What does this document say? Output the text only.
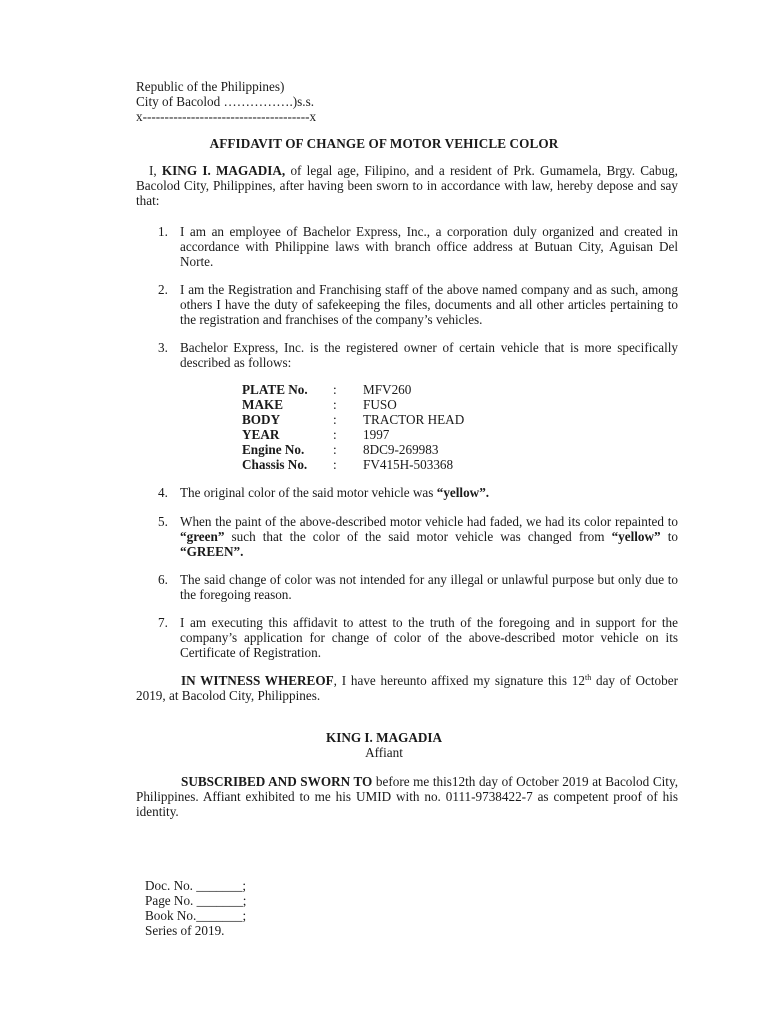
Republic of the Philippines)
City of Bacolod …………….)s.s.
x--------------------------------------x
AFFIDAVIT OF CHANGE OF MOTOR VEHICLE COLOR
I, KING I. MAGADIA, of legal age, Filipino, and a resident of Prk. Gumamela, Brgy. Cabug, Bacolod City, Philippines, after having been sworn to in accordance with law, hereby depose and say that:
1. I am an employee of Bachelor Express, Inc., a corporation duly organized and created in accordance with Philippine laws with branch office address at Butuan City, Aguisan Del Norte.
2. I am the Registration and Franchising staff of the above named company and as such, among others I have the duty of safekeeping the files, documents and all other articles pertaining to the registration and franchises of the company’s vehicles.
3. Bachelor Express, Inc. is the registered owner of certain vehicle that is more specifically described as follows:
PLATE No. : MFV260
MAKE	: FUSO
BODY	: TRACTOR HEAD
YEAR	: 1997
Engine No. : 8DC9-269983
Chassis No. : FV415H-503368
4. The original color of the said motor vehicle was “yellow”.
5. When the paint of the above-described motor vehicle had faded, we had its color repainted to “green” such that the color of the said motor vehicle was changed from “yellow” to “GREEN”.
6. The said change of color was not intended for any illegal or unlawful purpose but only due to the foregoing reason.
7. I am executing this affidavit to attest to the truth of the foregoing and in support for the company’s application for change of color of the above-described motor vehicle on its Certificate of Registration.
IN WITNESS WHEREOF, I have hereunto affixed my signature this 12th day of October 2019, at Bacolod City, Philippines.
KING I. MAGADIA
Affiant
SUBSCRIBED AND SWORN TO before me this12th day of October 2019 at Bacolod City, Philippines. Affiant exhibited to me his UMID with no. 0111-9738422-7 as competent proof of his identity.
Doc. No. _______;
Page No. _______;
Book No._______;
Series of 2019.
